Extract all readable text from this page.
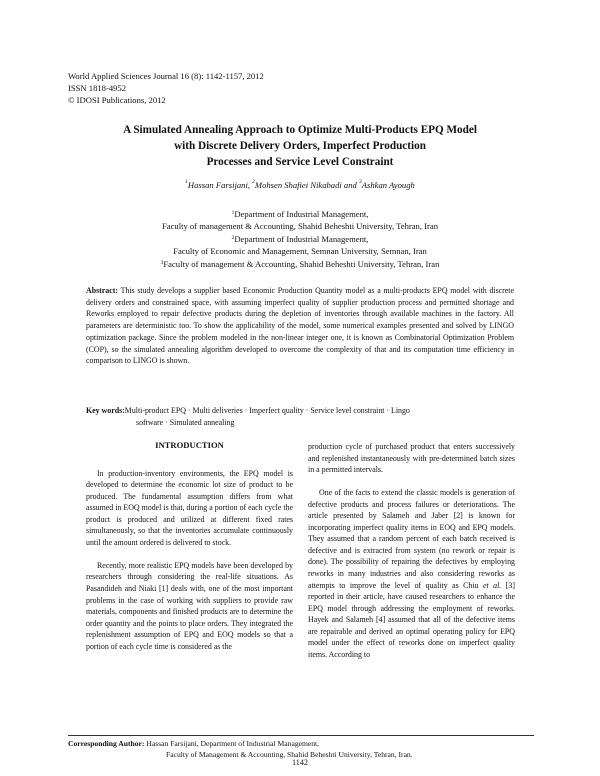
World Applied Sciences Journal 16 (8): 1142-1157, 2012
ISSN 1818-4952
© IDOSI Publications, 2012
A Simulated Annealing Approach to Optimize Multi-Products EPQ Model
with Discrete Delivery Orders, Imperfect Production
Processes and Service Level Constraint
$^1$Hassan Farsijani, $^2$Mohsen Shafiei Nikabadi and $^3$Ashkan Ayough
$^1$Department of Industrial Management,
Faculty of management & Accounting, Shahid Beheshti University, Tehran, Iran
$^2$Department of Industrial Management,
Faculty of Economic and Management, Semnan University, Semnan, Iran
$^3$Faculty of management & Accounting, Shahid Beheshti University, Tehran, Iran
Abstract: This study develops a supplier based Economic Production Quantity model as a multi-products EPQ model with discrete delivery orders and constrained space, with assuming imperfect quality of supplier production process and permitted shortage and Reworks employed to repair defective products during the depletion of inventories through available machines in the factory. All parameters are deterministic too. To show the applicability of the model, some numerical examples presented and solved by LINGO optimization package. Since the problem modeled in the non-linear integer one, it is known as Combinatorial Optimization Problem (COP), so the simulated annealing algorithm developed to overcome the complexity of that and its computation time efficiency in comparison to LINGO is shown.
Key words:Multi-product EPQ · Multi deliveries · Imperfect quality · Service level constraint · Lingo
software · Simulated annealing
INTRODUCTION

In production-inventory environments, the EPQ model is developed to determine the economic lot size of product to be produced. The fundamental assumption differs from what assumed in EOQ model is that, during a portion of each cycle the product is produced and utilized at different fixed rates simultaneously, so that the inventories accumulate continuously until the amount ordered is delivered to stock.

Recently, more realistic EPQ models have been developed by researchers through considering the real-life situations. As Pasandideh and Niaki [1] deals with, one of the most important problems in the case of working with suppliers to provide raw materials, components and finished products are to determine the order quantity and the points to place orders. They integrated the replenishment assumption of EPQ and EOQ models so that a portion of each cycle time is considered as the

production cycle of purchased product that enters successively and replenished instantaneously with pre-determined batch sizes in a permitted intervals.

One of the facts to extend the classic models is generation of defective products and process failures or deteriorations. The article presented by Salameh and Jaber [2] is known for incorporating imperfect quality items in EOQ and EPQ models. They assumed that a random percent of each batch received is defective and is extracted from system (no rework or repair is done). The possibility of repairing the defectives by employing reworks in many industries and also considering reworks as attempts to improve the level of quality as Chiu et al. [3] reported in their article, have caused researchers to enhance the EPQ model through addressing the employment of reworks. Hayek and Salameh [4] assumed that all of the defective items are repairable and derived an optimal operating policy for EPQ model under the effect of reworks done on imperfect quality items. According to

Corresponding Author: Hassan Farsijani, Department of Industrial Management,
Faculty of Management & Accounting, Shahid Beheshti University, Tehran, Iran.
1142
